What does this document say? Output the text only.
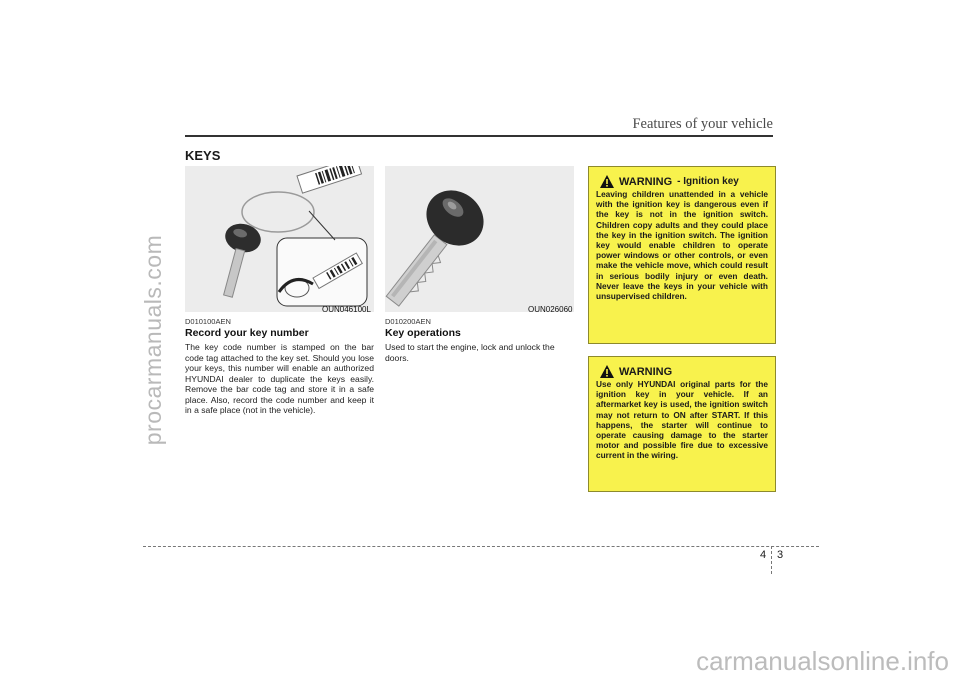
procarmanuals.com
Features of your vehicle
KEYS
OUN046100L
D010100AEN
Record your key number
The key code number is stamped on the bar code tag attached to the key set. Should you lose your keys, this number will enable an authorized HYUNDAI dealer to duplicate the keys easily. Remove the bar code tag and store it in a safe place. Also, record the code number and keep it in a safe place (not in the vehicle).
OUN026060
D010200AEN
Key operations
Used to start the engine, lock and unlock the doors.
WARNING - Ignition key
Leaving children unattended in a vehicle with the ignition key is dangerous even if the key is not in the ignition switch. Children copy adults and they could place the key in the ignition switch. The ignition key would enable children to operate power windows or other controls, or even make the vehicle move, which could result in serious bodily injury or even death. Never leave the keys in your vehicle with unsupervised children.
WARNING
Use only HYUNDAI original parts for the ignition key in your vehicle. If an aftermarket key is used, the ignition switch may not return to ON after START. If this happens, the starter will continue to operate causing damage to the starter motor and possible fire due to excessive current in the wiring.
4 3
carmanualsonline.info
